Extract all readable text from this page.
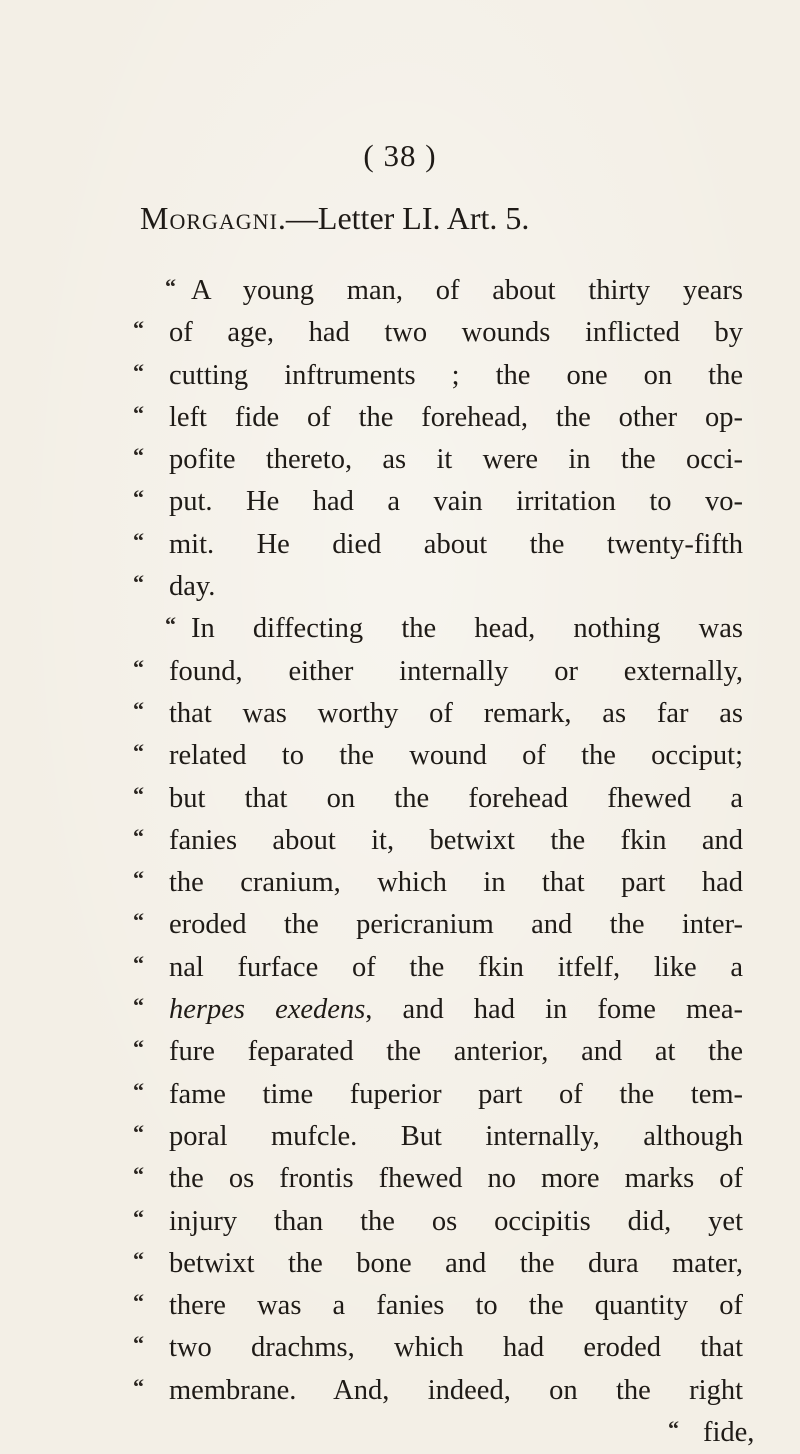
( 38 )
Morgagni.—Letter LI. Art. 5.
“ A young man, of about thirty years
“ of age, had two wounds inflicted by
“ cutting inftruments ; the one on the
“ left fide of the forehead, the other op-
“ pofite thereto, as it were in the occi-
“ put. He had a vain irritation to vo-
“ mit. He died about the twenty-fifth
“ day.
“ In diffecting the head, nothing was
“ found, either internally or externally,
“ that was worthy of remark, as far as
“ related to the wound of the occiput;
“ but that on the forehead fhewed a
“ fanies about it, betwixt the fkin and
“ the cranium, which in that part had
“ eroded the pericranium and the inter-
“ nal furface of the fkin itfelf, like a
“ herpes exedens, and had in fome mea-
“ fure feparated the anterior, and at the
“ fame time fuperior part of the tem-
“ poral mufcle. But internally, although
“ the os frontis fhewed no more marks of
“ injury than the os occipitis did, yet
“ betwixt the bone and the dura mater,
“ there was a fanies to the quantity of
“ two drachms, which had eroded that
“ membrane. And, indeed, on the right
“ fide,
